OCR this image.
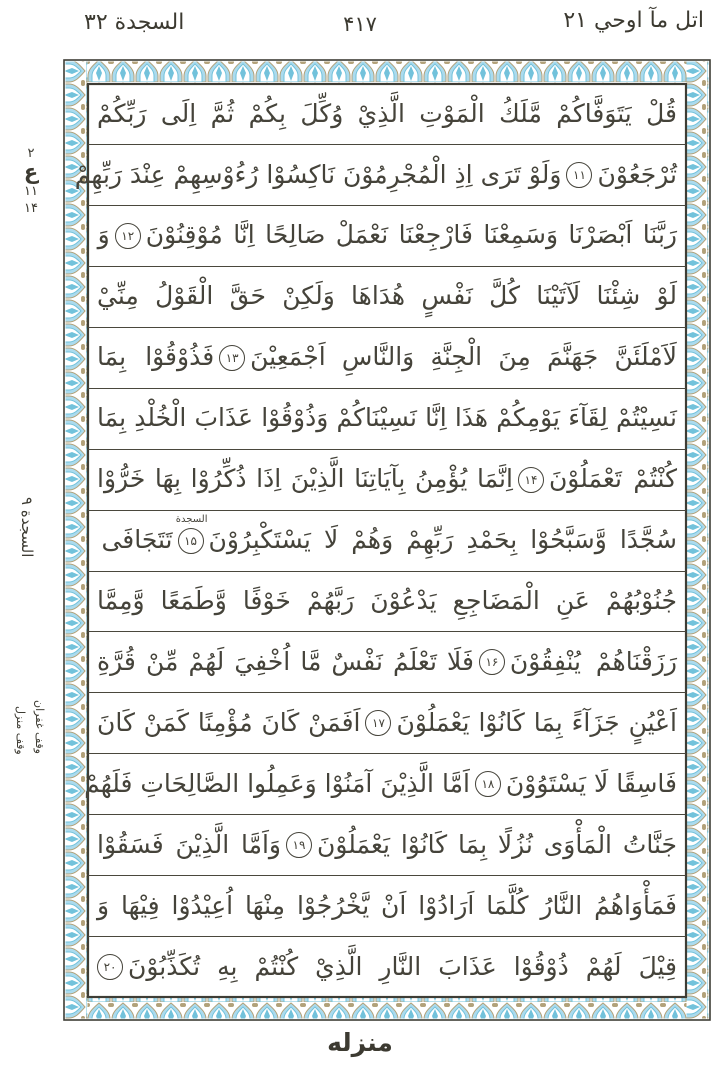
اتل مآ اوحي ۲۱
۴۱۷
السجدة ۳۲
قُلْ يَتَوَفَّاكُمْ مَّلَكُ الْمَوْتِ الَّذِيْ وُكِّلَ بِكُمْ ثُمَّ اِلَى رَبِّكُمْ
تُرْجَعُوْنَ
۱۱
وَلَوْ تَرَى اِذِ الْمُجْرِمُوْنَ نَاكِسُوْا رُءُوْسِهِمْ عِنْدَ رَبِّهِمْ
رَبَّنَا اَبْصَرْنَا وَسَمِعْنَا فَارْجِعْنَا نَعْمَلْ صَالِحًا اِنَّا مُوْقِنُوْنَ
۱۲
وَ
لَوْ شِئْنَا لَآتَيْنَا كُلَّ نَفْسٍ هُدَاهَا وَلَكِنْ حَقَّ الْقَوْلُ مِنِّيْ
لَاَمْلَئَنَّ جَهَنَّمَ مِنَ الْجِنَّةِ وَالنَّاسِ اَجْمَعِيْنَ
۱۳
فَذُوْقُوْا بِمَا
نَسِيْتُمْ لِقَآءَ يَوْمِكُمْ هَذَا اِنَّا نَسِيْنَاكُمْ وَذُوْقُوْا عَذَابَ الْخُلْدِ بِمَا
كُنْتُمْ تَعْمَلُوْنَ
۱۴
اِنَّمَا يُؤْمِنُ بِآيَاتِنَا الَّذِيْنَ اِذَا ذُكِّرُوْا بِهَا خَرُّوْا
سُجَّدًا وَّسَبَّحُوْا بِحَمْدِ رَبِّهِمْ وَهُمْ لَا يَسْتَكْبِرُوْنَ
۱۵
السجدة
تَتَجَافَى
جُنُوْبُهُمْ عَنِ الْمَضَاجِعِ يَدْعُوْنَ رَبَّهُمْ خَوْفًا وَّطَمَعًا وَّمِمَّا
رَزَقْنَاهُمْ يُنْفِقُوْنَ
۱۶
فَلَا تَعْلَمُ نَفْسٌ مَّا اُخْفِيَ لَهُمْ مِّنْ قُرَّةِ
اَعْيُنٍ جَزَآءً بِمَا كَانُوْا يَعْمَلُوْنَ
۱۷
اَفَمَنْ كَانَ مُؤْمِنًا كَمَنْ كَانَ
فَاسِقًا لَا يَسْتَوُوْنَ
۱۸
اَمَّا الَّذِيْنَ آمَنُوْا وَعَمِلُوا الصَّالِحَاتِ فَلَهُمْ
جَنَّاتُ الْمَأْوَى نُزُلًا بِمَا كَانُوْا يَعْمَلُوْنَ
۱۹
وَاَمَّا الَّذِيْنَ فَسَقُوْا
فَمَأْوَاهُمُ النَّارُ كُلَّمَا اَرَادُوْا اَنْ يَّخْرُجُوْا مِنْهَا اُعِيْدُوْا فِيْهَا وَ
قِيْلَ لَهُمْ ذُوْقُوْا عَذَابَ النَّارِ الَّذِيْ كُنْتُمْ بِهِ تُكَذِّبُوْنَ
۲۰
۲
ع
۱۱
۱۴
السجدة ۹
وقف غفران
وقف منزل
منزله
